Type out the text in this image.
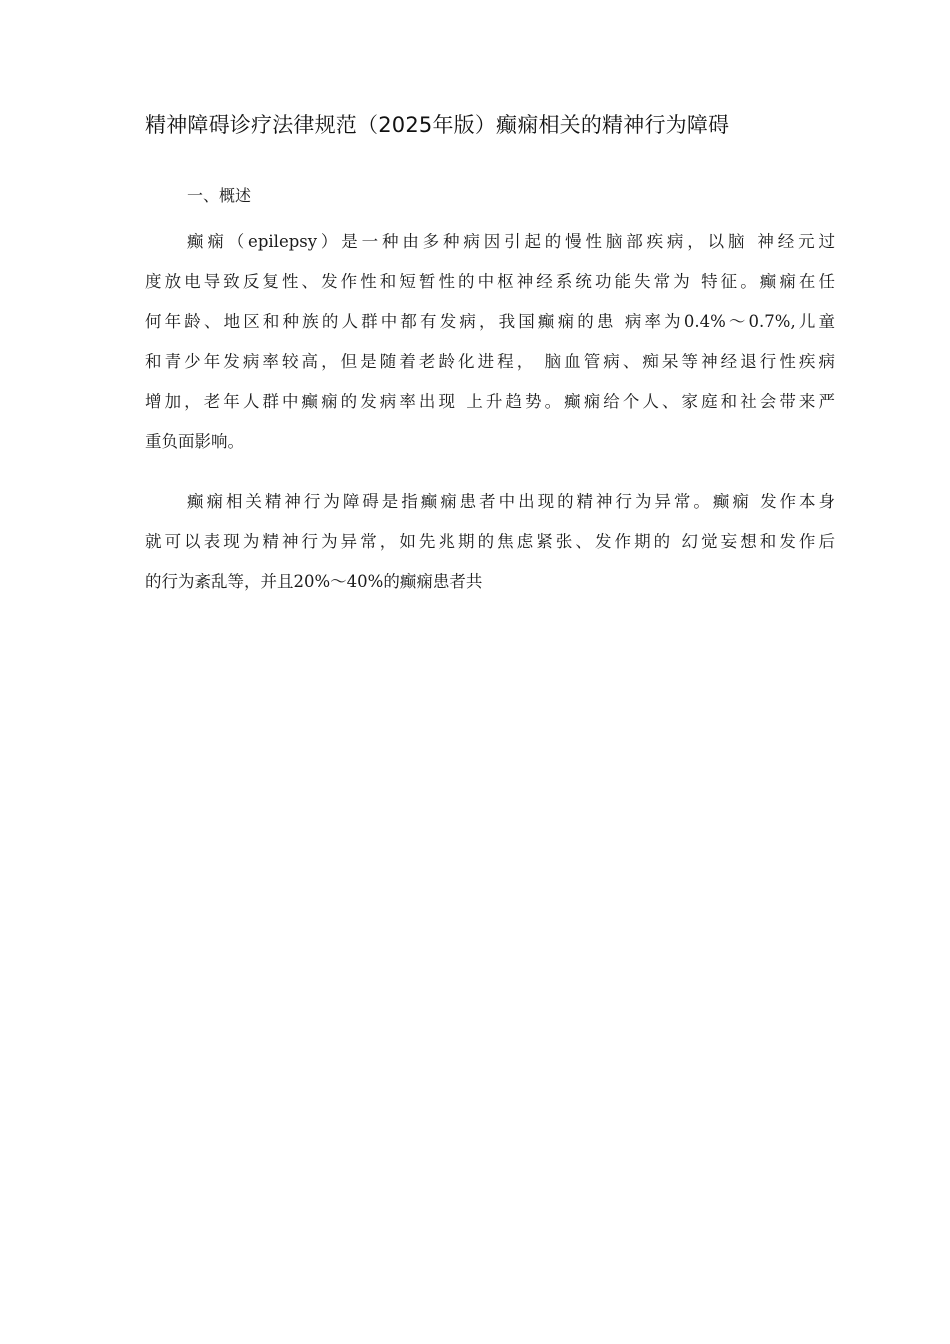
精神障碍诊疗法律规范（2025年版）癫痫相关的精神行为障碍
一、概述
癫痫（epilepsy）是一种由多种病因引起的慢性脑部疾病，以脑 神经元过
度放电导致反复性、发作性和短暂性的中枢神经系统功能失常为 特征。癫痫在任
何年龄、地区和种族的人群中都有发病，我国癫痫的患 病率为0.4%〜0.7%,儿童
和青少年发病率较高，但是随着老龄化进程， 脑血管病、痴呆等神经退行性疾病
增加，老年人群中癫痫的发病率出现 上升趋势。癫痫给个人、家庭和社会带来严
重负面影响。
癫痫相关精神行为障碍是指癫痫患者中出现的精神行为异常。癫痫 发作本身
就可以表现为精神行为异常，如先兆期的焦虑紧张、发作期的 幻觉妄想和发作后
的行为紊乱等，并且20%〜40%的癫痫患者共
